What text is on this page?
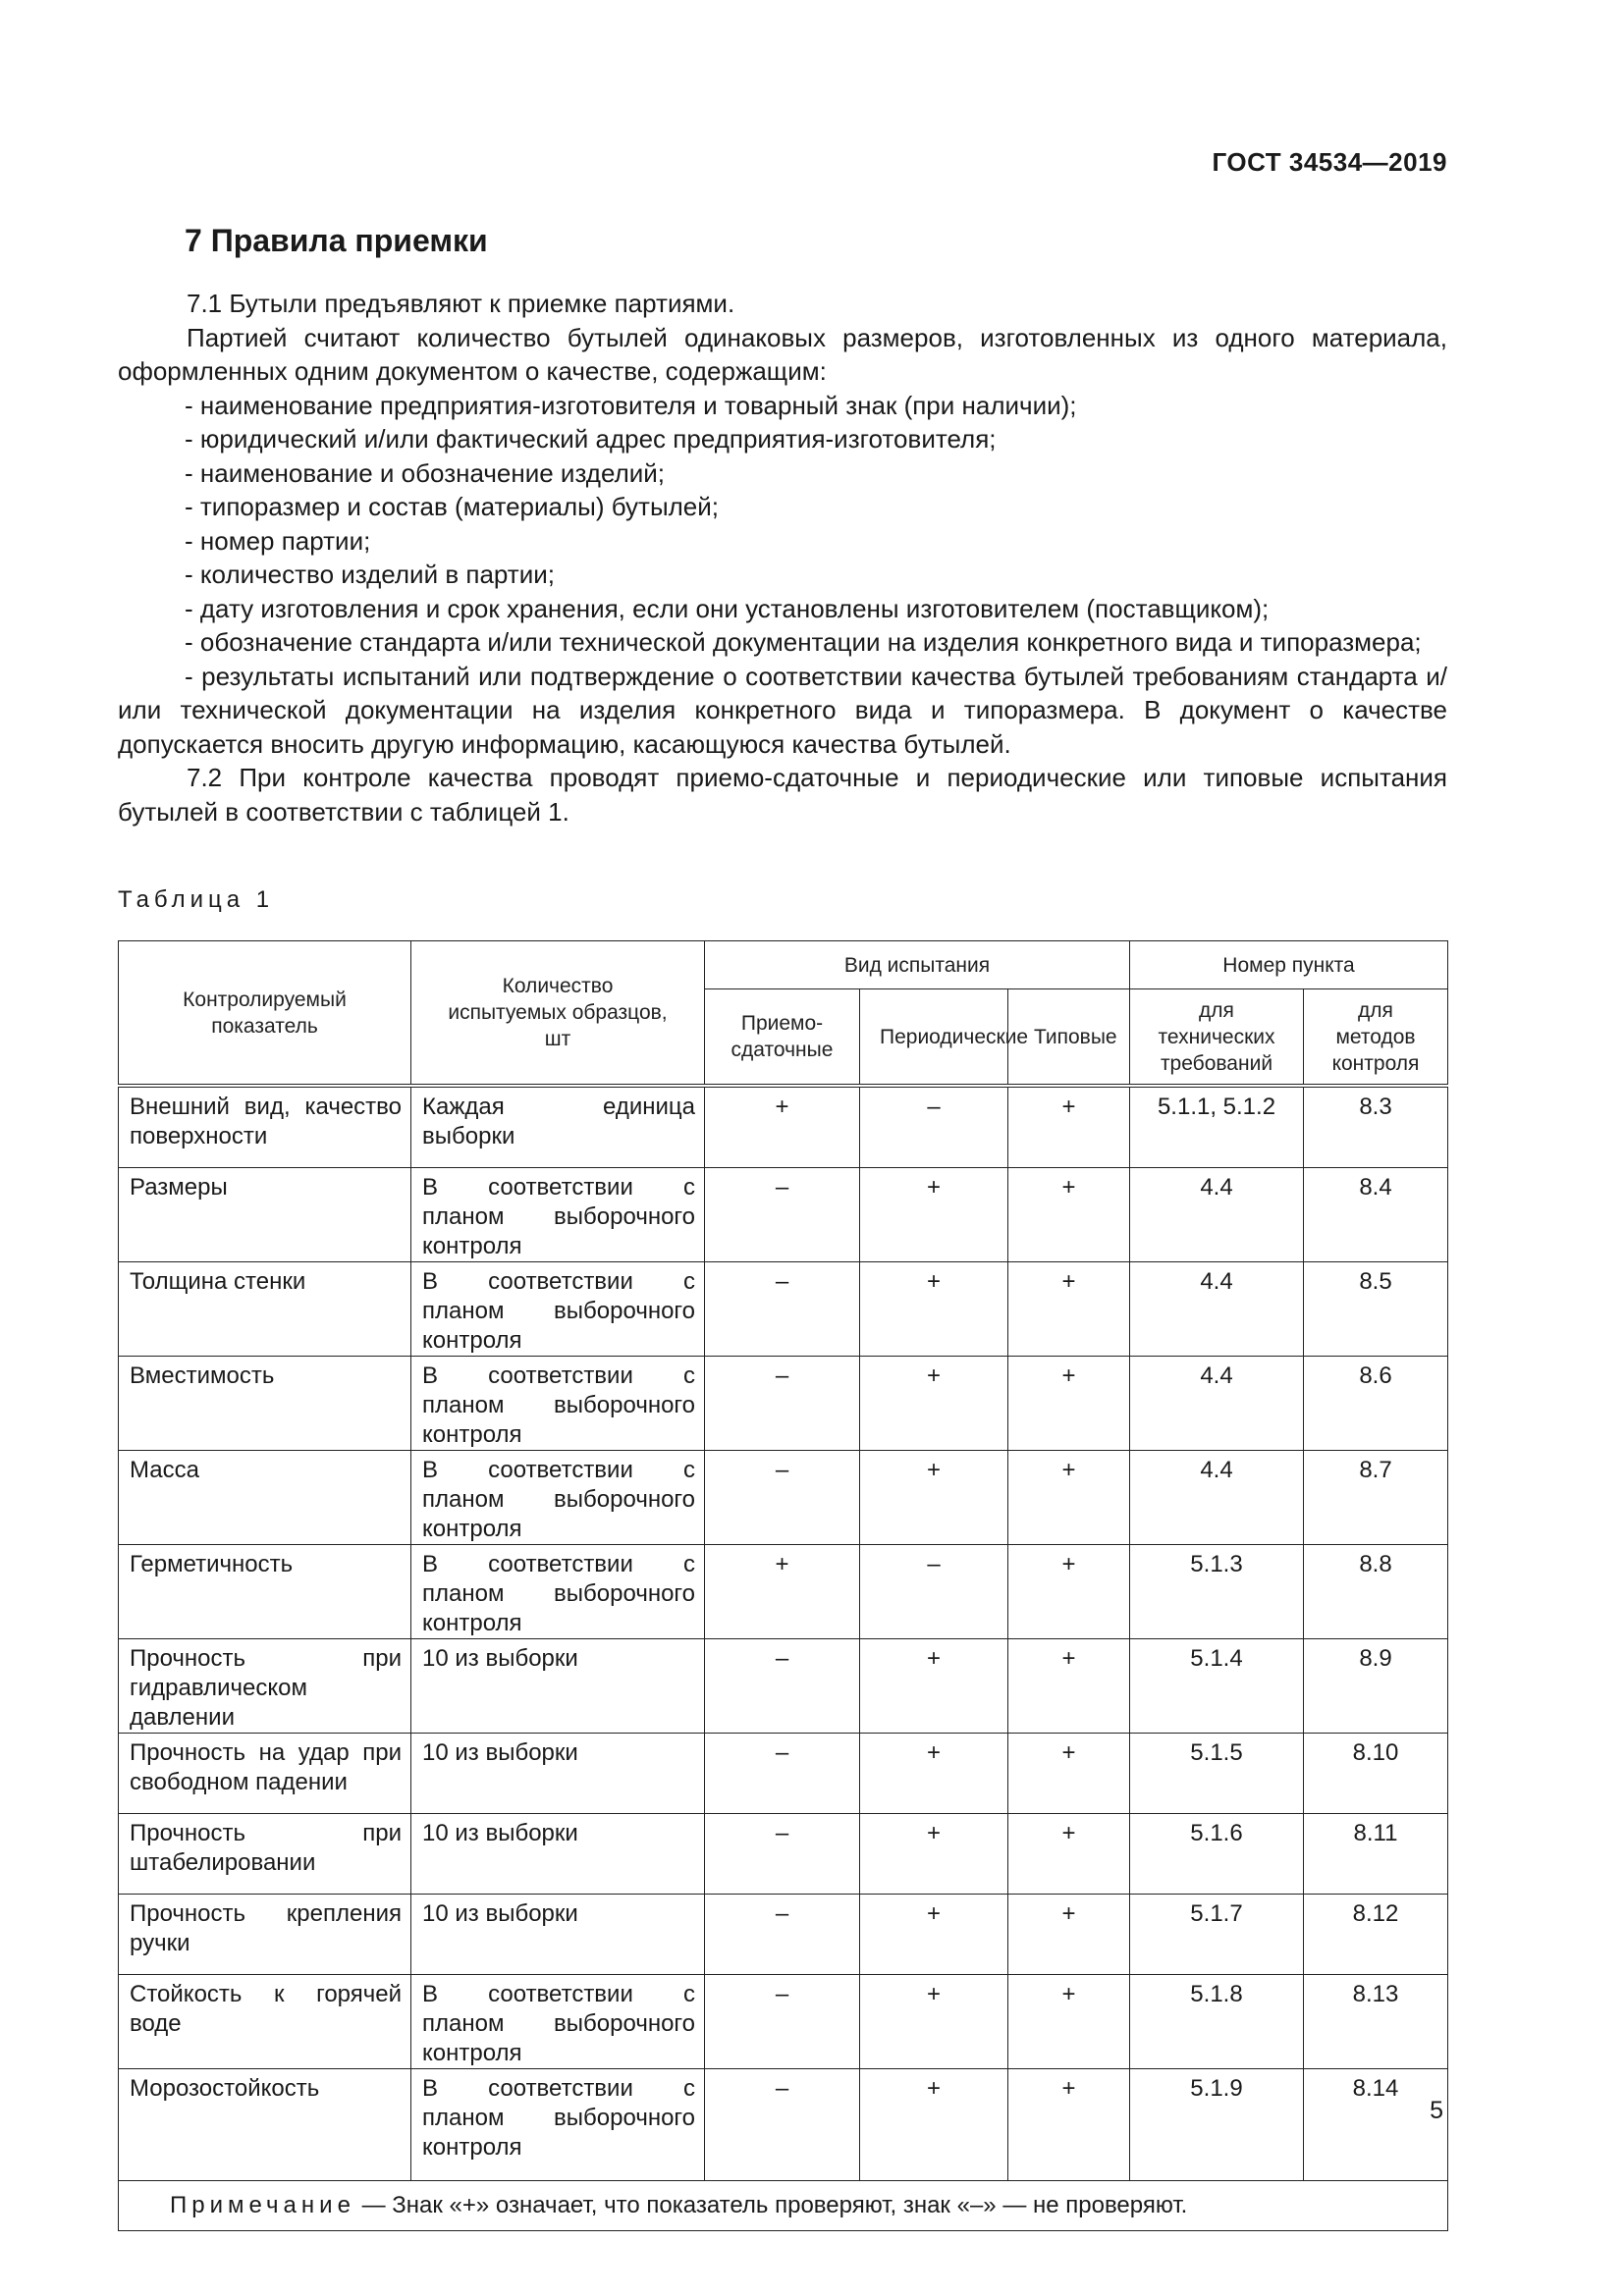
ГОСТ 34534—2019
7 Правила приемки

7.1 Бутыли предъявляют к приемке партиями.

Партией считают количество бутылей одинаковых размеров, изготовленных из одного материала, оформленных одним документом о качестве, содержащим:

- наименование предприятия-изготовителя и товарный знак (при наличии);

- юридический и/или фактический адрес предприятия-изготовителя;

- наименование и обозначение изделий;

- типоразмер и состав (материалы) бутылей;

- номер партии;

- количество изделий в партии;

- дату изготовления и срок хранения, если они установлены изготовителем (поставщиком);

- обозначение стандарта и/или технической документации на изделия конкретного вида и типоразмера;

- результаты испытаний или подтверждение о соответствии качества бутылей требованиям стандарта и/или технической документации на изделия конкретного вида и типоразмера. В документ о качестве допускается вносить другую информацию, касающуюся качества бутылей.

7.2 При контроле качества проводят приемо-сдаточные и периодические или типовые испытания бутылей в соответствии с таблицей 1.

Таблица 1
Контролируемый показатель	Количество испытуемых образцов, шт	Вид испытания			Номер пункта	
		Приемо-сдаточные	Периодические	Типовые	для технических требований	для методов контроля
Внешний вид, качество поверхности	Каждая единица выборки	+	–	+	5.1.1, 5.1.2	8.3
Размеры	В соответствии с планом выборочного контроля	–	+	+	4.4	8.4
Толщина стенки	В соответствии с планом выборочного контроля	–	+	+	4.4	8.5
Вместимость	В соответствии с планом выборочного контроля	–	+	+	4.4	8.6
Масса	В соответствии с планом выборочного контроля	–	+	+	4.4	8.7
Герметичность	В соответствии с планом выборочного контроля	+	–	+	5.1.3	8.8
Прочность при гидравлическом давлении	10 из выборки	–	+	+	5.1.4	8.9
Прочность на удар при свободном падении	10 из выборки	–	+	+	5.1.5	8.10
Прочность при штабелировании	10 из выборки	–	+	+	5.1.6	8.11
Прочность крепления ручки	10 из выборки	–	+	+	5.1.7	8.12
Стойкость к горячей воде	В соответствии с планом выборочного контроля	–	+	+	5.1.8	8.13
Морозостойкость	В соответствии с планом выборочного контроля	–	+	+	5.1.9	8.14
Примечание — Знак «+» означает, что показатель проверяют, знак «–» — не проверяют.						
5
